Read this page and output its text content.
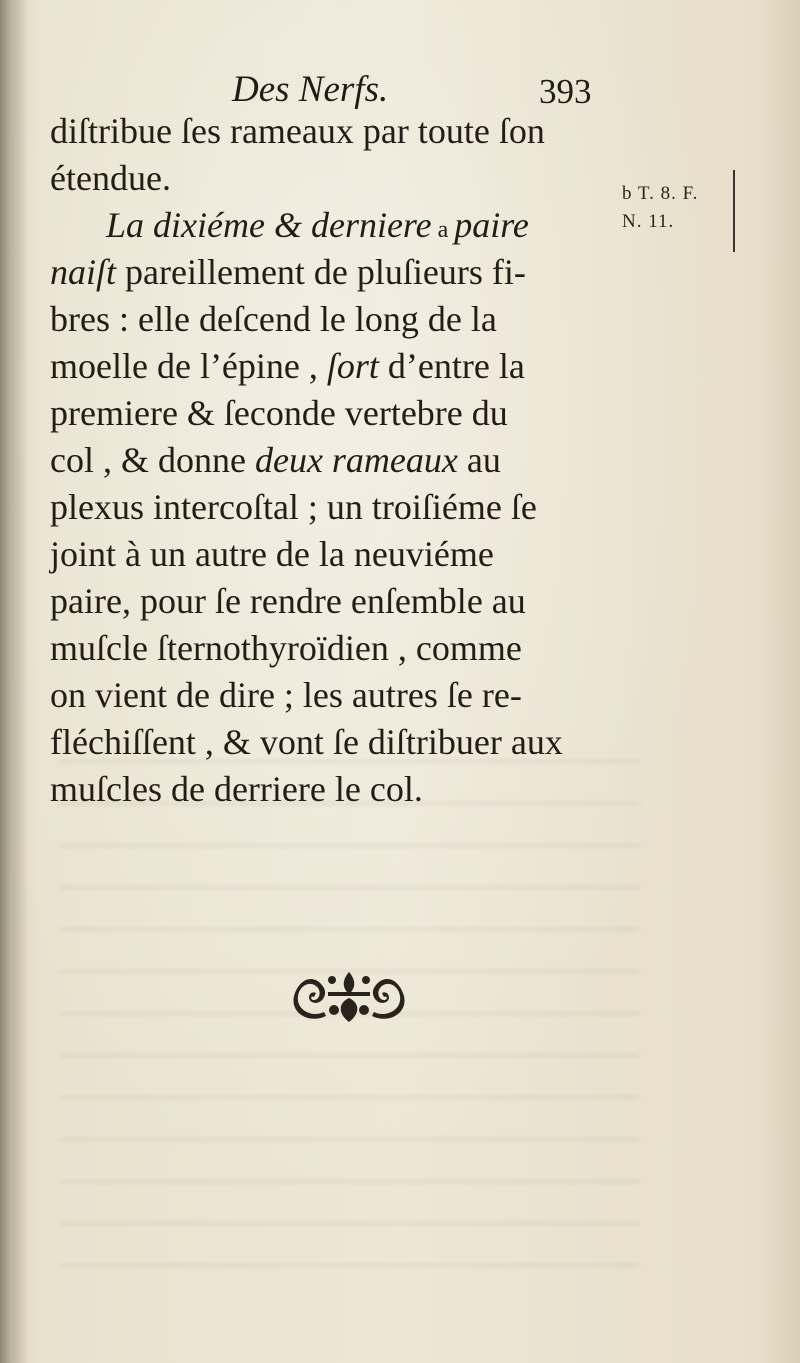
Des Nerfs.	393
diſtribue ſes rameaux par toute ſon
étendue.
La dixiéme & derniere a paire
naiſt pareillement de pluſieurs fi-
bres : elle deſcend le long de la
moelle de l’épine , ſort d’entre la
premiere & ſeconde vertebre du
col , & donne deux rameaux au
plexus intercoſtal ; un troiſiéme ſe
joint à un autre de la neuviéme
paire, pour ſe rendre enſemble au
muſcle ſternothyroïdien , comme
on vient de dire ; les autres ſe re-
fléchiſſent , & vont ſe diſtribuer aux
muſcles de derriere le col.
b T. 8. F.
N. 11.
